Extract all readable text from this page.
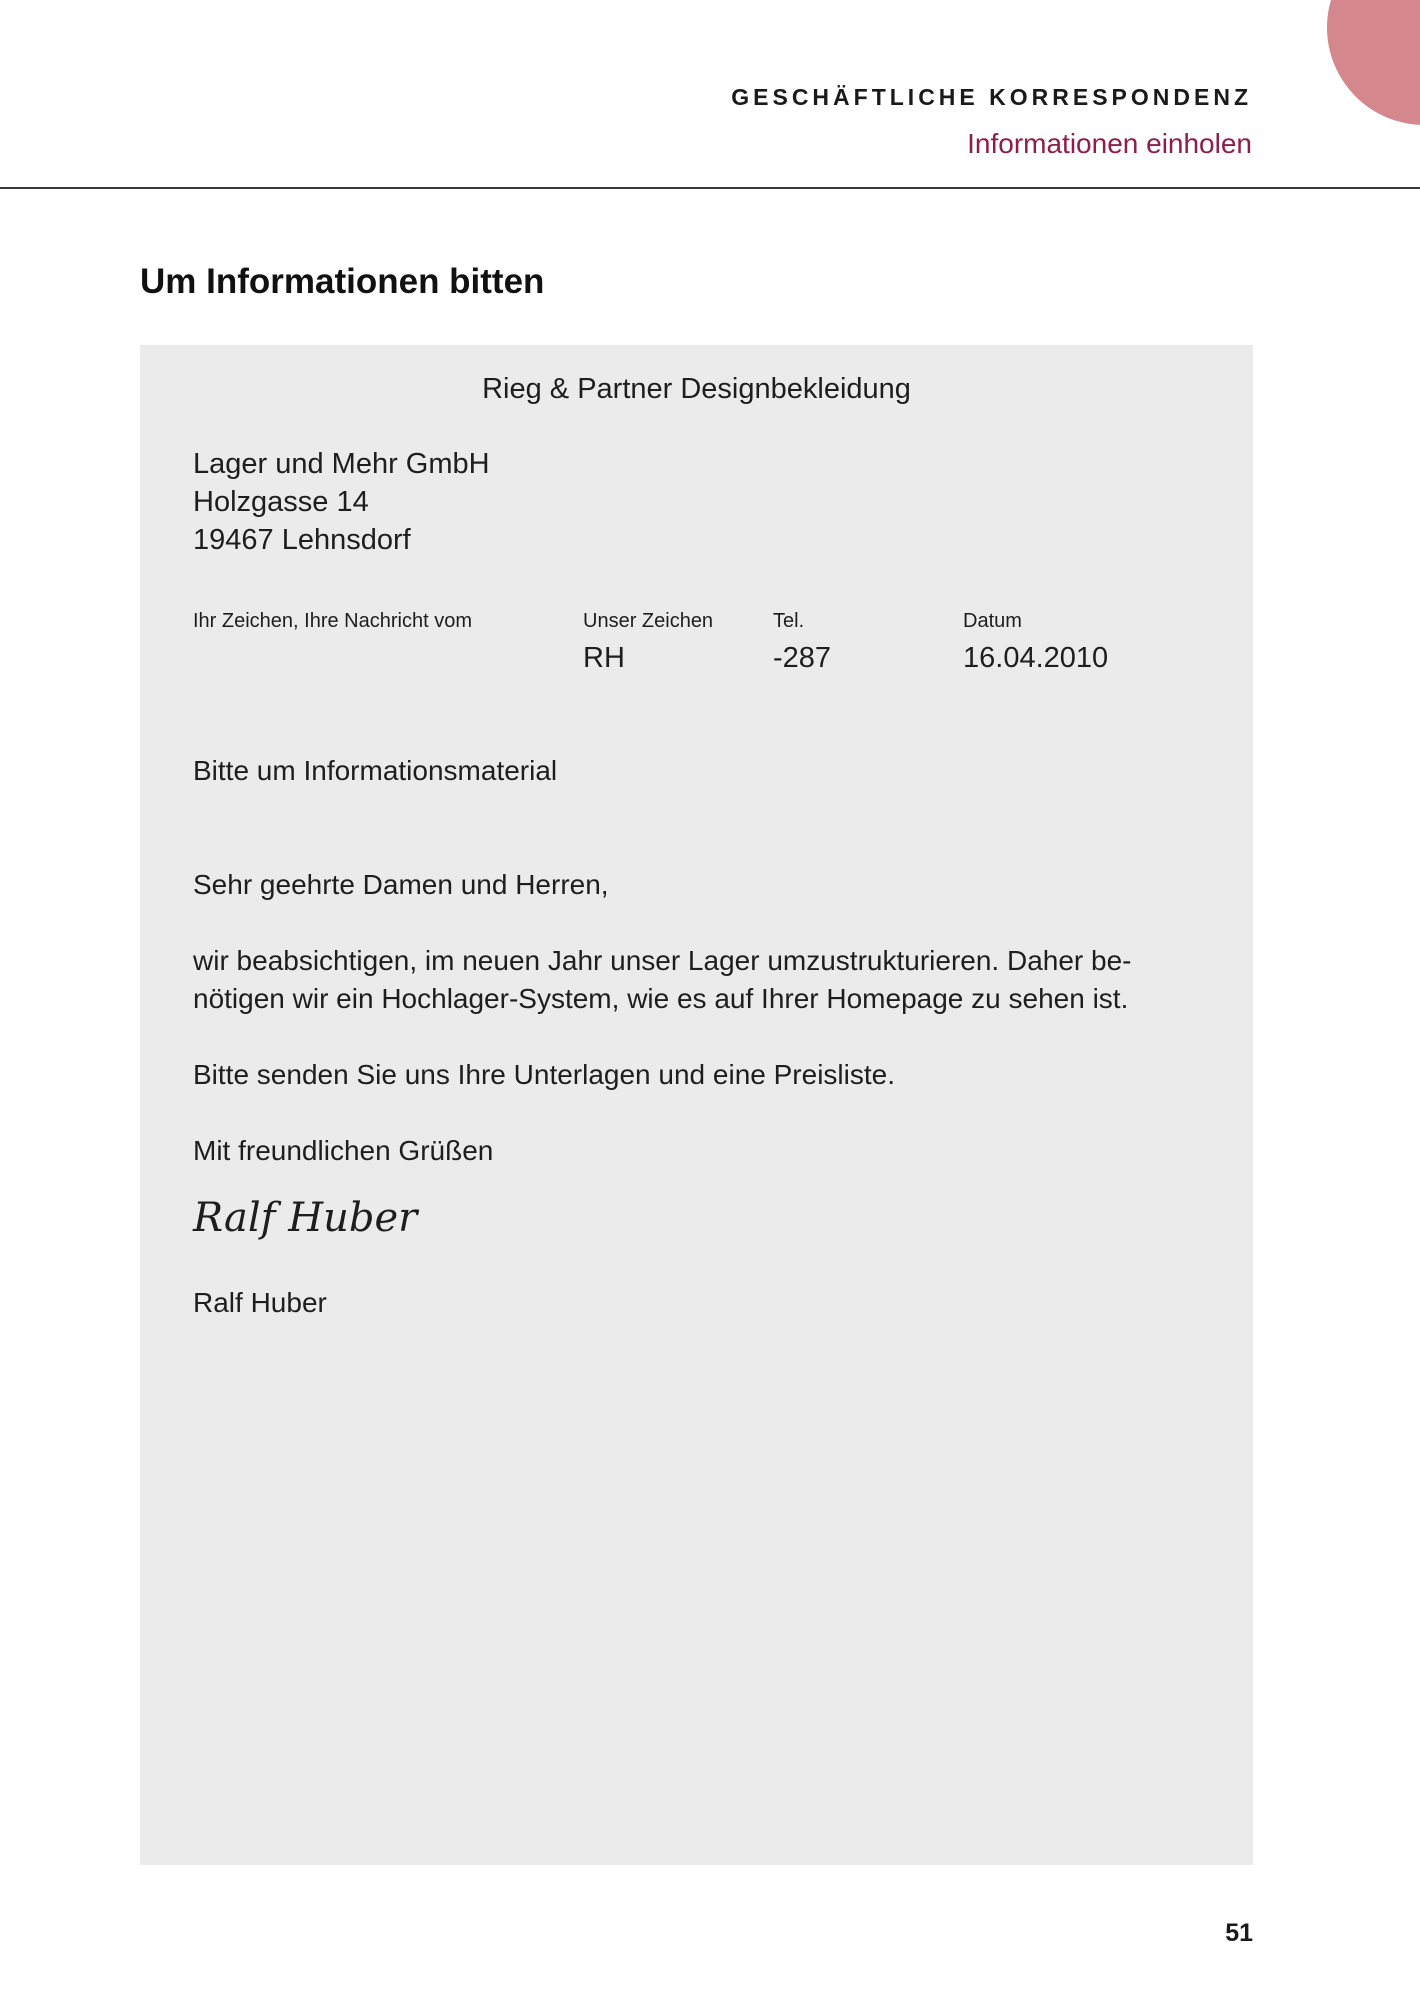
GESCHÄFTLICHE KORRESPONDENZ
Informationen einholen
Um Informationen bitten
Rieg & Partner Designbekleidung
Lager und Mehr GmbH
Holzgasse 14
19467 Lehnsdorf
Ihr Zeichen, Ihre Nachricht vom	Unser Zeichen
RH
Tel.
-287
Datum
16.04.2010
Bitte um Informationsmaterial
Sehr geehrte Damen und Herren,
wir beabsichtigen, im neuen Jahr unser Lager umzustrukturieren. Daher be-
nötigen wir ein Hochlager-System, wie es auf Ihrer Homepage zu sehen ist.
Bitte senden Sie uns Ihre Unterlagen und eine Preisliste.
Mit freundlichen Grüßen
Ralf Huber
Ralf Huber
51
